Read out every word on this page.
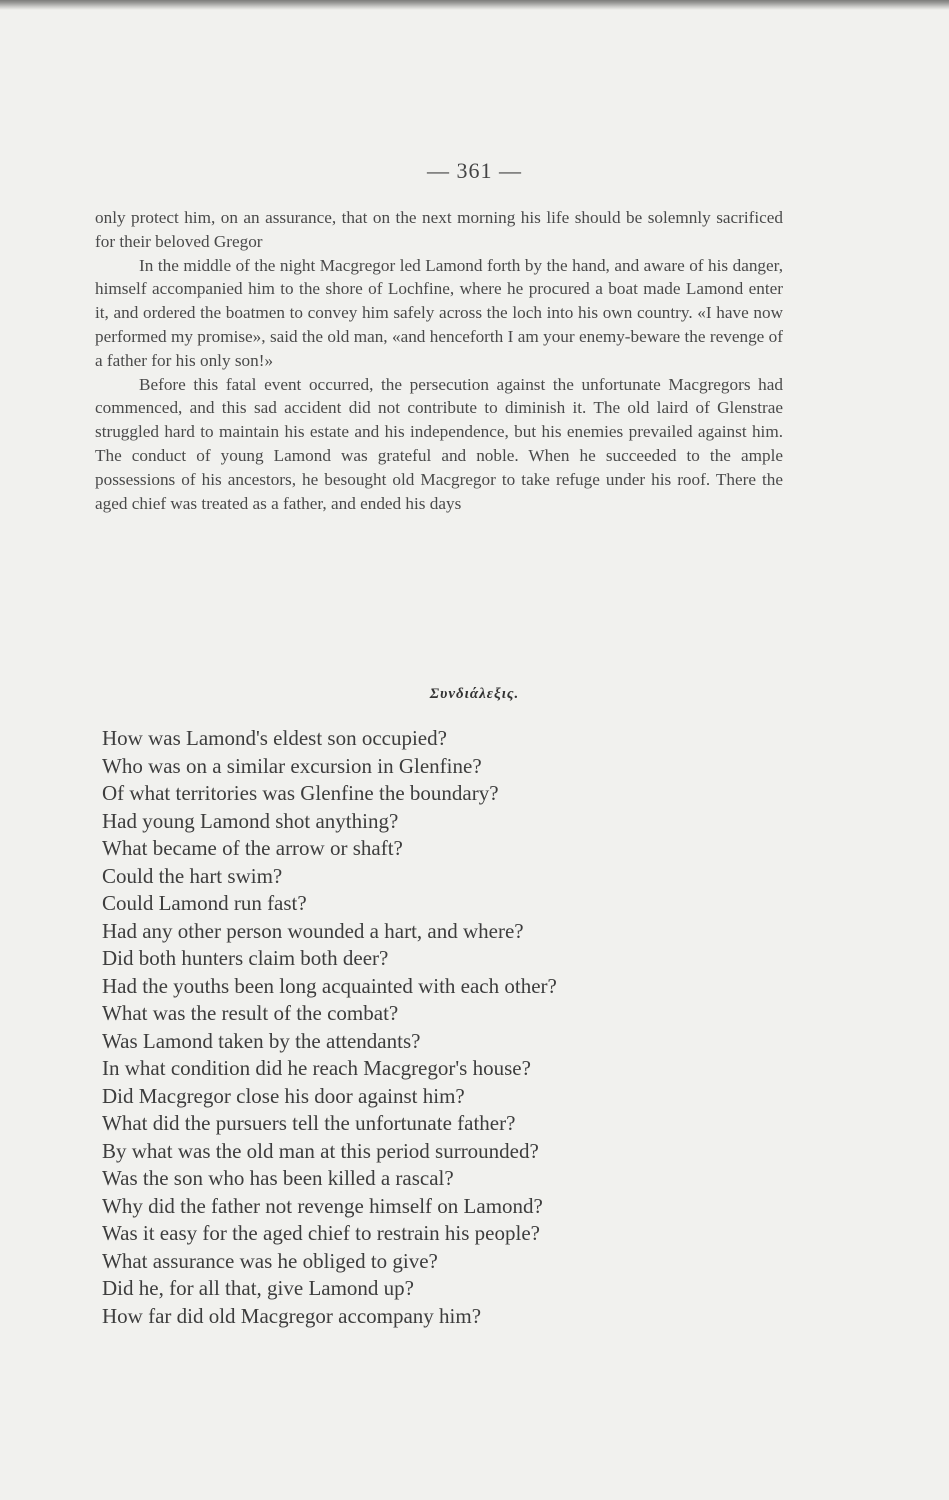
— 361 —

only protect him, on an assurance, that on the next morning his life should be solemnly sacrificed for their beloved Gregor

In the middle of the night Macgregor led Lamond forth by the hand, and aware of his danger, himself accompanied him to the shore of Lochfine, where he procured a boat made Lamond enter it, and ordered the boatmen to convey him safely across the loch into his own country. «I have now performed my promise», said the old man, «and henceforth I am your enemy-beware the revenge of a father for his only son!»

Before this fatal event occurred, the persecution against the unfortunate Macgregors had commenced, and this sad accident did not contribute to diminish it. The old laird of Glenstrae struggled hard to maintain his estate and his independence, but his enemies prevailed against him. The conduct of young Lamond was grateful and noble. When he succeeded to the ample possessions of his ancestors, he besought old Macgregor to take refuge under his roof. There the aged chief was treated as a father, and ended his days

Συνδιάλεξις.
How was Lamond's eldest son occupied?
Who was on a similar excursion in Glenfine?
Of what territories was Glenfine the boundary?
Had young Lamond shot anything?
What became of the arrow or shaft?
Could the hart swim?
Could Lamond run fast?
Had any other person wounded a hart, and where?
Did both hunters claim both deer?
Had the youths been long acquainted with each other?
What was the result of the combat?
Was Lamond taken by the attendants?
In what condition did he reach Macgregor's house?
Did Macgregor close his door against him?
What did the pursuers tell the unfortunate father?
By what was the old man at this period surrounded?
Was the son who has been killed a rascal?
Why did the father not revenge himself on Lamond?
Was it easy for the aged chief to restrain his people?
What assurance was he obliged to give?
Did he, for all that, give Lamond up?
How far did old Macgregor accompany him?
